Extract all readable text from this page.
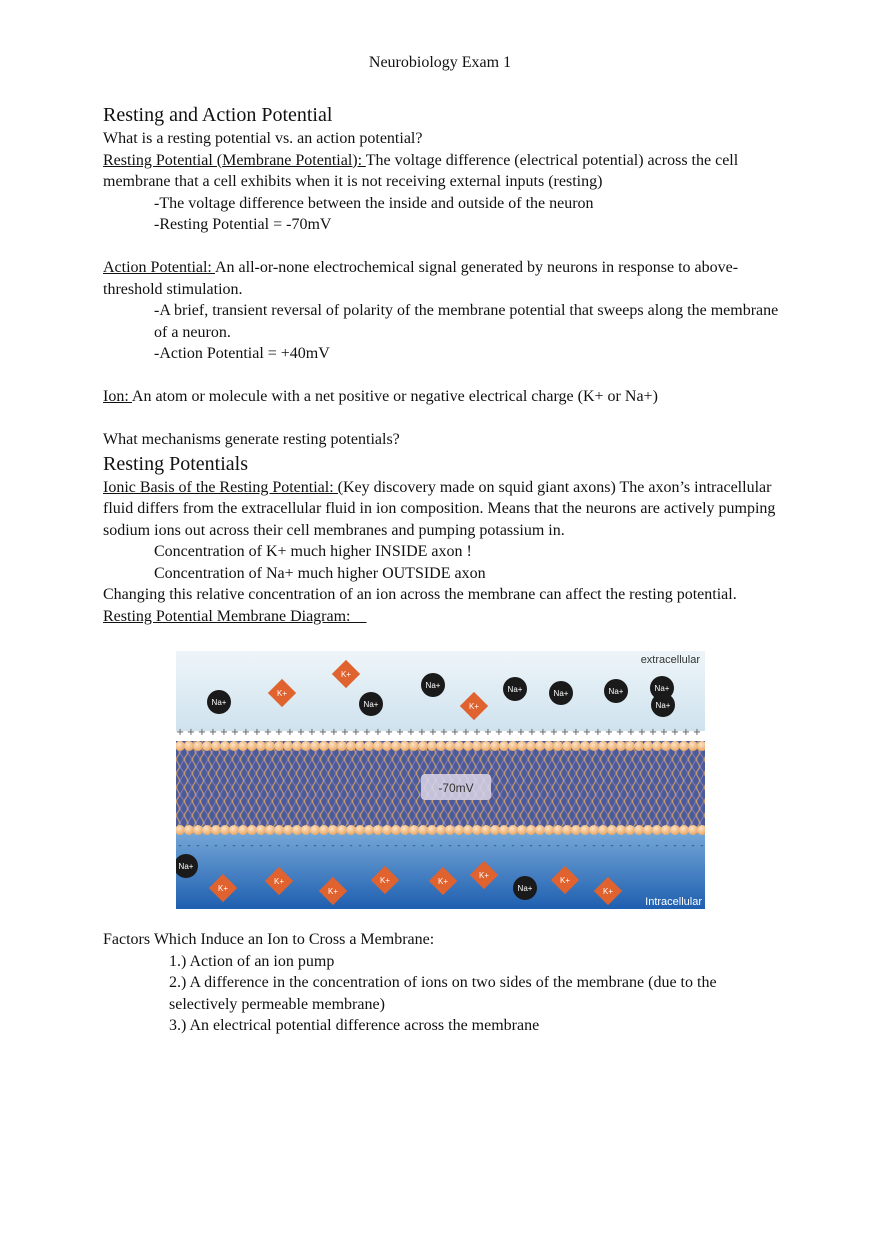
Neurobiology Exam 1
Resting and Action Potential

What is a resting potential vs. an action potential?

Resting Potential (Membrane Potential): The voltage difference (electrical potential) across the cell membrane that a cell exhibits when it is not receiving external inputs (resting)

-The voltage difference between the inside and outside of the neuron

-Resting Potential = -70mV

Action Potential: An all-or-none electrochemical signal generated by neurons in response to above-threshold stimulation.

-A brief, transient reversal of polarity of the membrane potential that sweeps along the membrane of a neuron.

-Action Potential = +40mV

Ion: An atom or molecule with a net positive or negative electrical charge (K+ or Na+)

What mechanisms generate resting potentials?

Resting Potentials

Ionic Basis of the Resting Potential: (Key discovery made on squid giant axons) The axon’s intracellular fluid differs from the extracellular fluid in ion composition. Means that the neurons are actively pumping sodium ions out across their cell membranes and pumping potassium in.

Concentration of K+ much higher INSIDE axon !

Concentration of Na+ much higher OUTSIDE axon

Changing this relative concentration of an ion across the membrane can affect the resting potential.

Resting Potential Membrane Diagram:

+ + + + + + + + + + + + + + + + + + + + + + + + + + + + + + + + + + + + + + + + + + + + + + + +
- - - - - - - - - - - - - - - - - - - - - - - - - - - - - - - - - - - - - - - - - - - - - - - - - - - - - - - - - - -
-70mV
extracellular
Intracellular
Na+	Na+
Na+	Na+	Na+	Na+
Na+
Na+
Na+
Na+
K+
K+
K+
K+
K+
K+
K+	K+
K+
K+
K+

Factors Which Induce an Ion to Cross a Membrane:

1.) Action of an ion pump

2.) A difference in the concentration of ions on two sides of the membrane (due to the selectively permeable membrane)

3.) An electrical potential difference across the membrane
